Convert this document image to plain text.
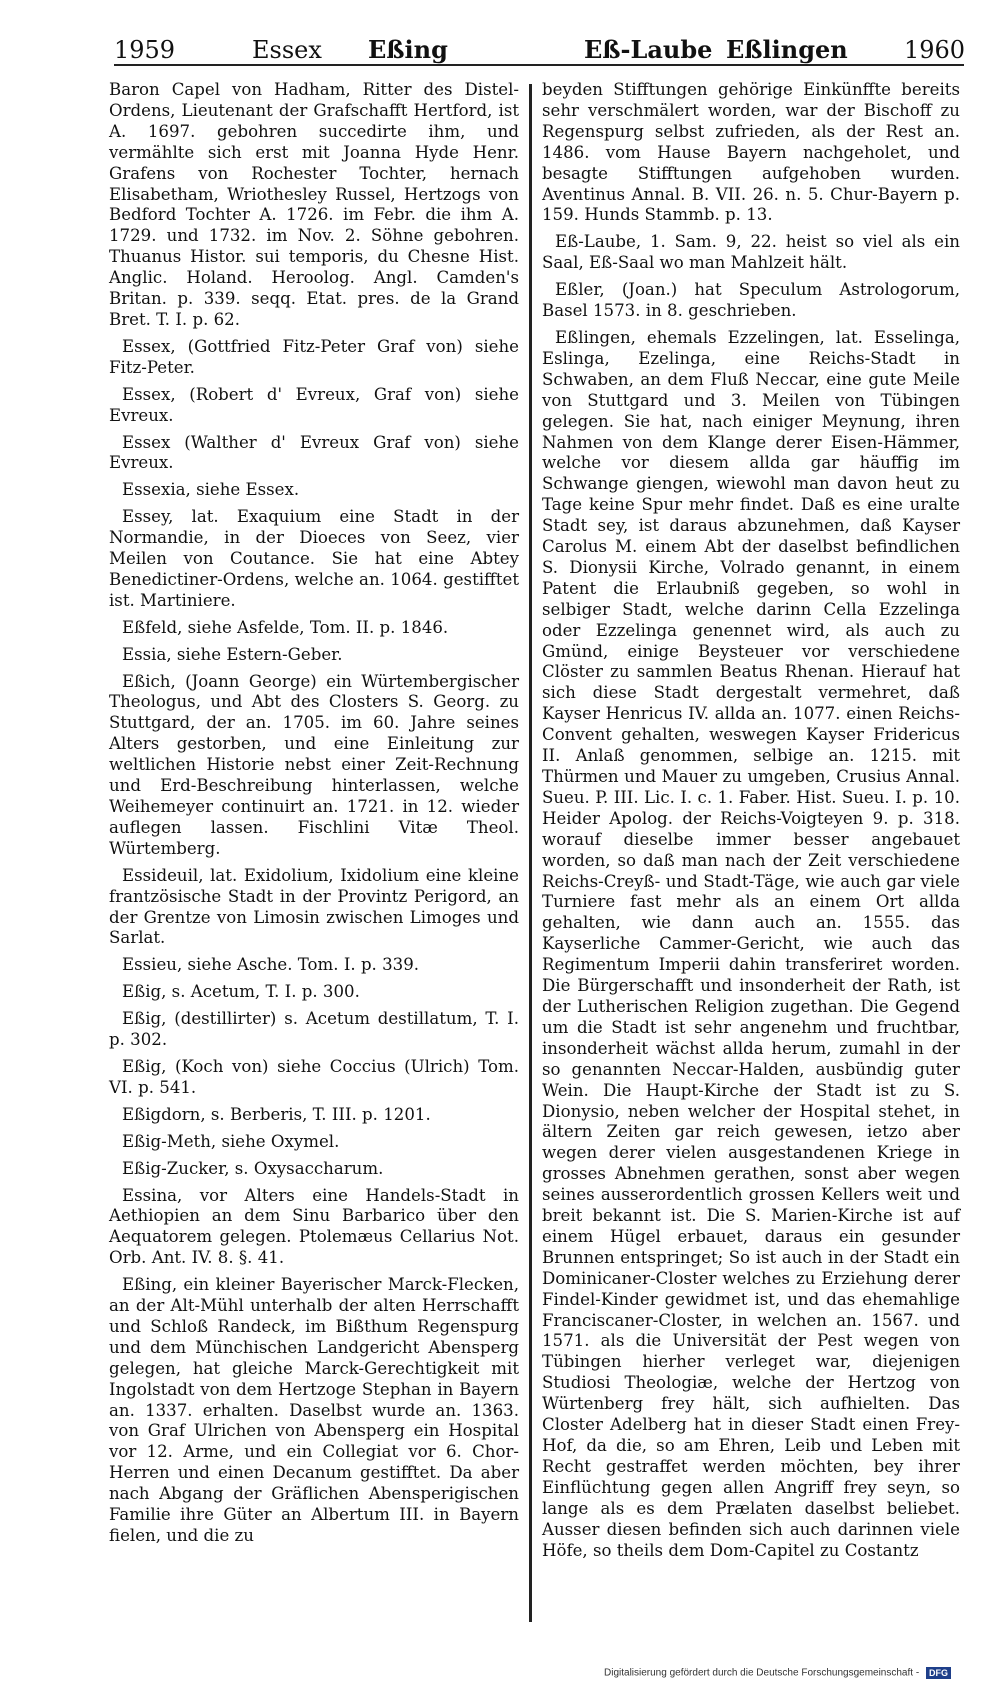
1959	Essex Eßing	Eß-Laube Eßlingen 1960

Baron Capel von Hadham, Ritter des Distel-Ordens, Lieutenant der Grafschafft Hertford, ist A. 1697. gebohren succedirte ihm, und vermählte sich erst mit Joanna Hyde Henr. Grafens von Rochester Tochter, hernach Elisabetham, Wriothesley Russel, Hertzogs von Bedford Tochter A. 1726. im Febr. die ihm A. 1729. und 1732. im Nov. 2. Söhne gebohren. Thuanus Histor. sui temporis, du Chesne Hist. Anglic. Holand. Heroolog. Angl. Camden's Britan. p. 339. seqq. Etat. pres. de la Grand Bret. T. I. p. 62.

Essex, (Gottfried Fitz-Peter Graf von) siehe Fitz-Peter.

Essex, (Robert d' Evreux, Graf von) siehe Evreux.

Essex (Walther d' Evreux Graf von) siehe Evreux.

Essexia, siehe Essex.

Essey, lat. Exaquium eine Stadt in der Normandie, in der Dioeces von Seez, vier Meilen von Coutance. Sie hat eine Abtey Benedictiner-Ordens, welche an. 1064. gestifftet ist. Martiniere.

Eßfeld, siehe Asfelde, Tom. II. p. 1846.

Essia, siehe Estern-Geber.

Eßich, (Joann George) ein Würtembergischer Theologus, und Abt des Closters S. Georg. zu Stuttgard, der an. 1705. im 60. Jahre seines Alters gestorben, und eine Einleitung zur weltlichen Historie nebst einer Zeit-Rechnung und Erd-Beschreibung hinterlassen, welche Weihemeyer continuirt an. 1721. in 12. wieder auflegen lassen. Fischlini Vitæ Theol. Würtemberg.

Essideuil, lat. Exidolium, Ixidolium eine kleine frantzösische Stadt in der Provintz Perigord, an der Grentze von Limosin zwischen Limoges und Sarlat.

Essieu, siehe Asche. Tom. I. p. 339.

Eßig, s. Acetum, T. I. p. 300.

Eßig, (destillirter) s. Acetum destillatum, T. I. p. 302.

Eßig, (Koch von) siehe Coccius (Ulrich) Tom. VI. p. 541.

Eßigdorn, s. Berberis, T. III. p. 1201.

Eßig-Meth, siehe Oxymel.

Eßig-Zucker, s. Oxysaccharum.

Essina, vor Alters eine Handels-Stadt in Aethiopien an dem Sinu Barbarico über den Aequatorem gelegen. Ptolemæus Cellarius Not. Orb. Ant. IV. 8. §. 41.

Eßing, ein kleiner Bayerischer Marck-Flecken, an der Alt-Mühl unterhalb der alten Herrschafft und Schloß Randeck, im Bißthum Regenspurg und dem Münchischen Landgericht Abensperg gelegen, hat gleiche Marck-Gerechtigkeit mit Ingolstadt von dem Hertzoge Stephan in Bayern an. 1337. erhalten. Daselbst wurde an. 1363. von Graf Ulrichen von Abensperg ein Hospital vor 12. Arme, und ein Collegiat vor 6. Chor-Herren und einen Decanum gestifftet. Da aber nach Abgang der Gräflichen Abensperigischen Familie ihre Güter an Albertum III. in Bayern fielen, und die zu

beyden Stifftungen gehörige Einkünffte bereits sehr verschmälert worden, war der Bischoff zu Regenspurg selbst zufrieden, als der Rest an. 1486. vom Hause Bayern nachgeholet, und besagte Stifftungen aufgehoben wurden. Aventinus Annal. B. VII. 26. n. 5. Chur-Bayern p. 159. Hunds Stammb. p. 13.

Eß-Laube, 1. Sam. 9, 22. heist so viel als ein Saal, Eß-Saal wo man Mahlzeit hält.

Eßler, (Joan.) hat Speculum Astrologorum, Basel 1573. in 8. geschrieben.

Eßlingen, ehemals Ezzelingen, lat. Esselinga, Eslinga, Ezelinga, eine Reichs-Stadt in Schwaben, an dem Fluß Neccar, eine gute Meile von Stuttgard und 3. Meilen von Tübingen gelegen. Sie hat, nach einiger Meynung, ihren Nahmen von dem Klange derer Eisen-Hämmer, welche vor diesem allda gar häuffig im Schwange giengen, wiewohl man davon heut zu Tage keine Spur mehr findet. Daß es eine uralte Stadt sey, ist daraus abzunehmen, daß Kayser Carolus M. einem Abt der daselbst befindlichen S. Dionysii Kirche, Volrado genannt, in einem Patent die Erlaubniß gegeben, so wohl in selbiger Stadt, welche darinn Cella Ezzelinga oder Ezzelinga genennet wird, als auch zu Gmünd, einige Beysteuer vor verschiedene Clöster zu sammlen Beatus Rhenan. Hierauf hat sich diese Stadt dergestalt vermehret, daß Kayser Henricus IV. allda an. 1077. einen Reichs-Convent gehalten, weswegen Kayser Fridericus II. Anlaß genommen, selbige an. 1215. mit Thürmen und Mauer zu umgeben, Crusius Annal. Sueu. P. III. Lic. I. c. 1. Faber. Hist. Sueu. I. p. 10. Heider Apolog. der Reichs-Voigteyen 9. p. 318. worauf dieselbe immer besser angebauet worden, so daß man nach der Zeit verschiedene Reichs-Creyß- und Stadt-Täge, wie auch gar viele Turniere fast mehr als an einem Ort allda gehalten, wie dann auch an. 1555. das Kayserliche Cammer-Gericht, wie auch das Regimentum Imperii dahin transferiret worden. Die Bürgerschafft und insonderheit der Rath, ist der Lutherischen Religion zugethan. Die Gegend um die Stadt ist sehr angenehm und fruchtbar, insonderheit wächst allda herum, zumahl in der so genannten Neccar-Halden, ausbündig guter Wein. Die Haupt-Kirche der Stadt ist zu S. Dionysio, neben welcher der Hospital stehet, in ältern Zeiten gar reich gewesen, ietzo aber wegen derer vielen ausgestandenen Kriege in grosses Abnehmen gerathen, sonst aber wegen seines ausserordentlich grossen Kellers weit und breit bekannt ist. Die S. Marien-Kirche ist auf einem Hügel erbauet, daraus ein gesunder Brunnen entspringet; So ist auch in der Stadt ein Dominicaner-Closter welches zu Erziehung derer Findel-Kinder gewidmet ist, und das ehemahlige Franciscaner-Closter, in welchen an. 1567. und 1571. als die Universität der Pest wegen von Tübingen hierher verleget war, diejenigen Studiosi Theologiæ, welche der Hertzog von Würtenberg frey hält, sich aufhielten. Das Closter Adelberg hat in dieser Stadt einen Frey-Hof, da die, so am Ehren, Leib und Leben mit Recht gestraffet werden möchten, bey ihrer Einflüchtung gegen allen Angriff frey seyn, so lange als es dem Prælaten daselbst beliebet. Ausser diesen befinden sich auch darinnen viele Höfe, so theils dem Dom-Capitel zu Costantz

Digitalisierung gefördert durch die Deutsche Forschungsgemeinschaft - DFG
